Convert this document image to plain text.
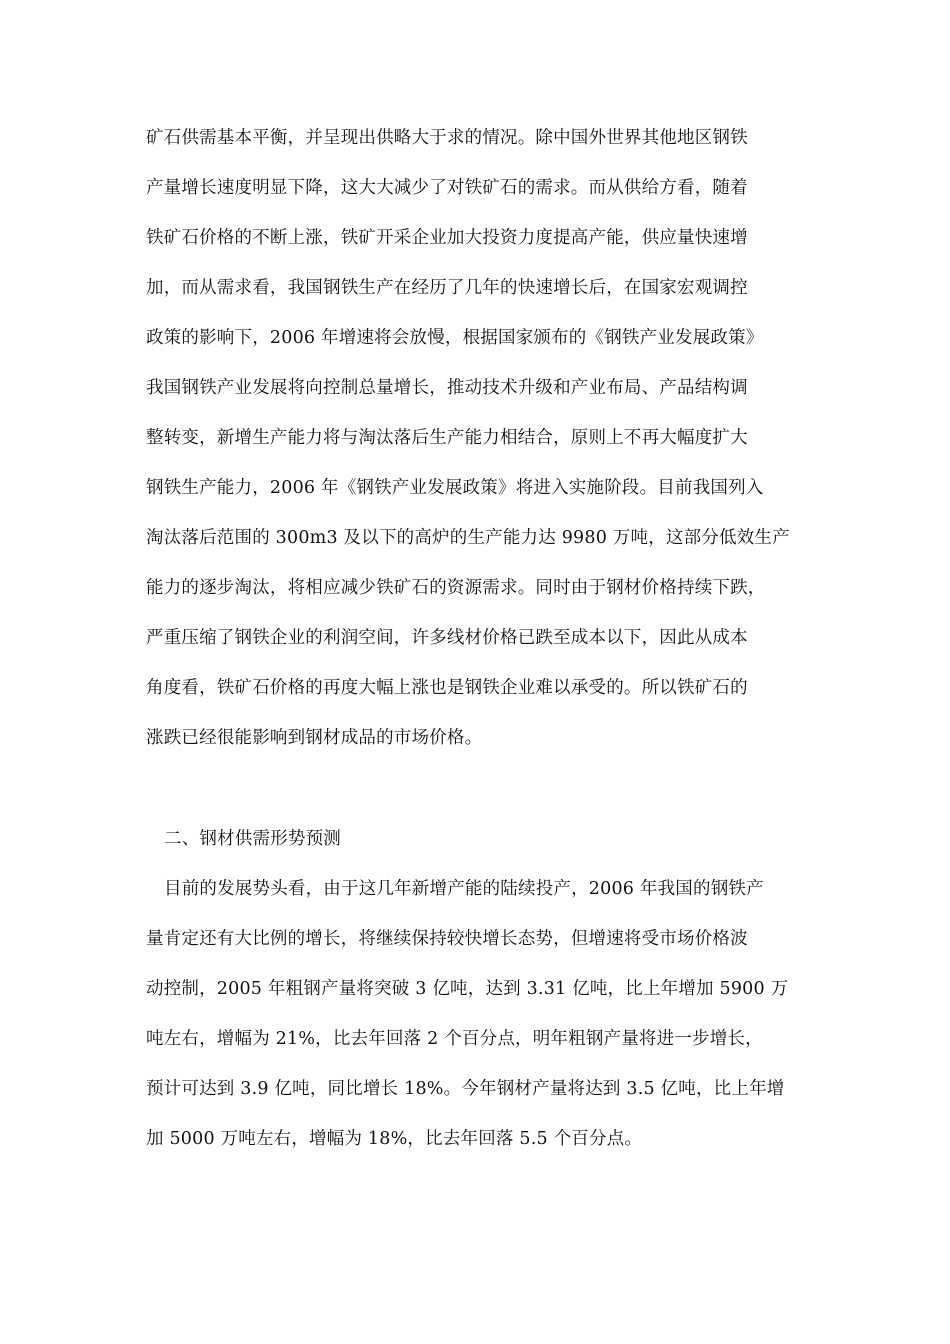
矿石供需基本平衡，并呈现出供略大于求的情况。除中国外世界其他地区钢铁
产量增长速度明显下降，这大大减少了对铁矿石的需求。而从供给方看，随着
铁矿石价格的不断上涨，铁矿开采企业加大投资力度提高产能，供应量快速增
加，而从需求看，我国钢铁生产在经历了几年的快速增长后，在国家宏观调控
政策的影响下，2006 年增速将会放慢，根据国家颁布的《钢铁产业发展政策》
我国钢铁产业发展将向控制总量增长，推动技术升级和产业布局、产品结构调
整转变，新增生产能力将与淘汰落后生产能力相结合，原则上不再大幅度扩大
钢铁生产能力，2006 年《钢铁产业发展政策》将进入实施阶段。目前我国列入
淘汰落后范围的 300m3 及以下的高炉的生产能力达 9980 万吨，这部分低效生产
能力的逐步淘汰，将相应减少铁矿石的资源需求。同时由于钢材价格持续下跌，
严重压缩了钢铁企业的利润空间，许多线材价格已跌至成本以下，因此从成本
角度看，铁矿石价格的再度大幅上涨也是钢铁企业难以承受的。所以铁矿石的
涨跌已经很能影响到钢材成品的市场价格。
二、钢材供需形势预测
目前的发展势头看，由于这几年新增产能的陆续投产，2006 年我国的钢铁产
量肯定还有大比例的增长，将继续保持较快增长态势，但增速将受市场价格波
动控制，2005 年粗钢产量将突破 3 亿吨，达到 3.31 亿吨，比上年增加 5900 万
吨左右，增幅为 21%，比去年回落 2 个百分点，明年粗钢产量将进一步增长，
预计可达到 3.9 亿吨，同比增长 18%。今年钢材产量将达到 3.5 亿吨，比上年增
加 5000 万吨左右，增幅为 18%，比去年回落 5.5 个百分点。
